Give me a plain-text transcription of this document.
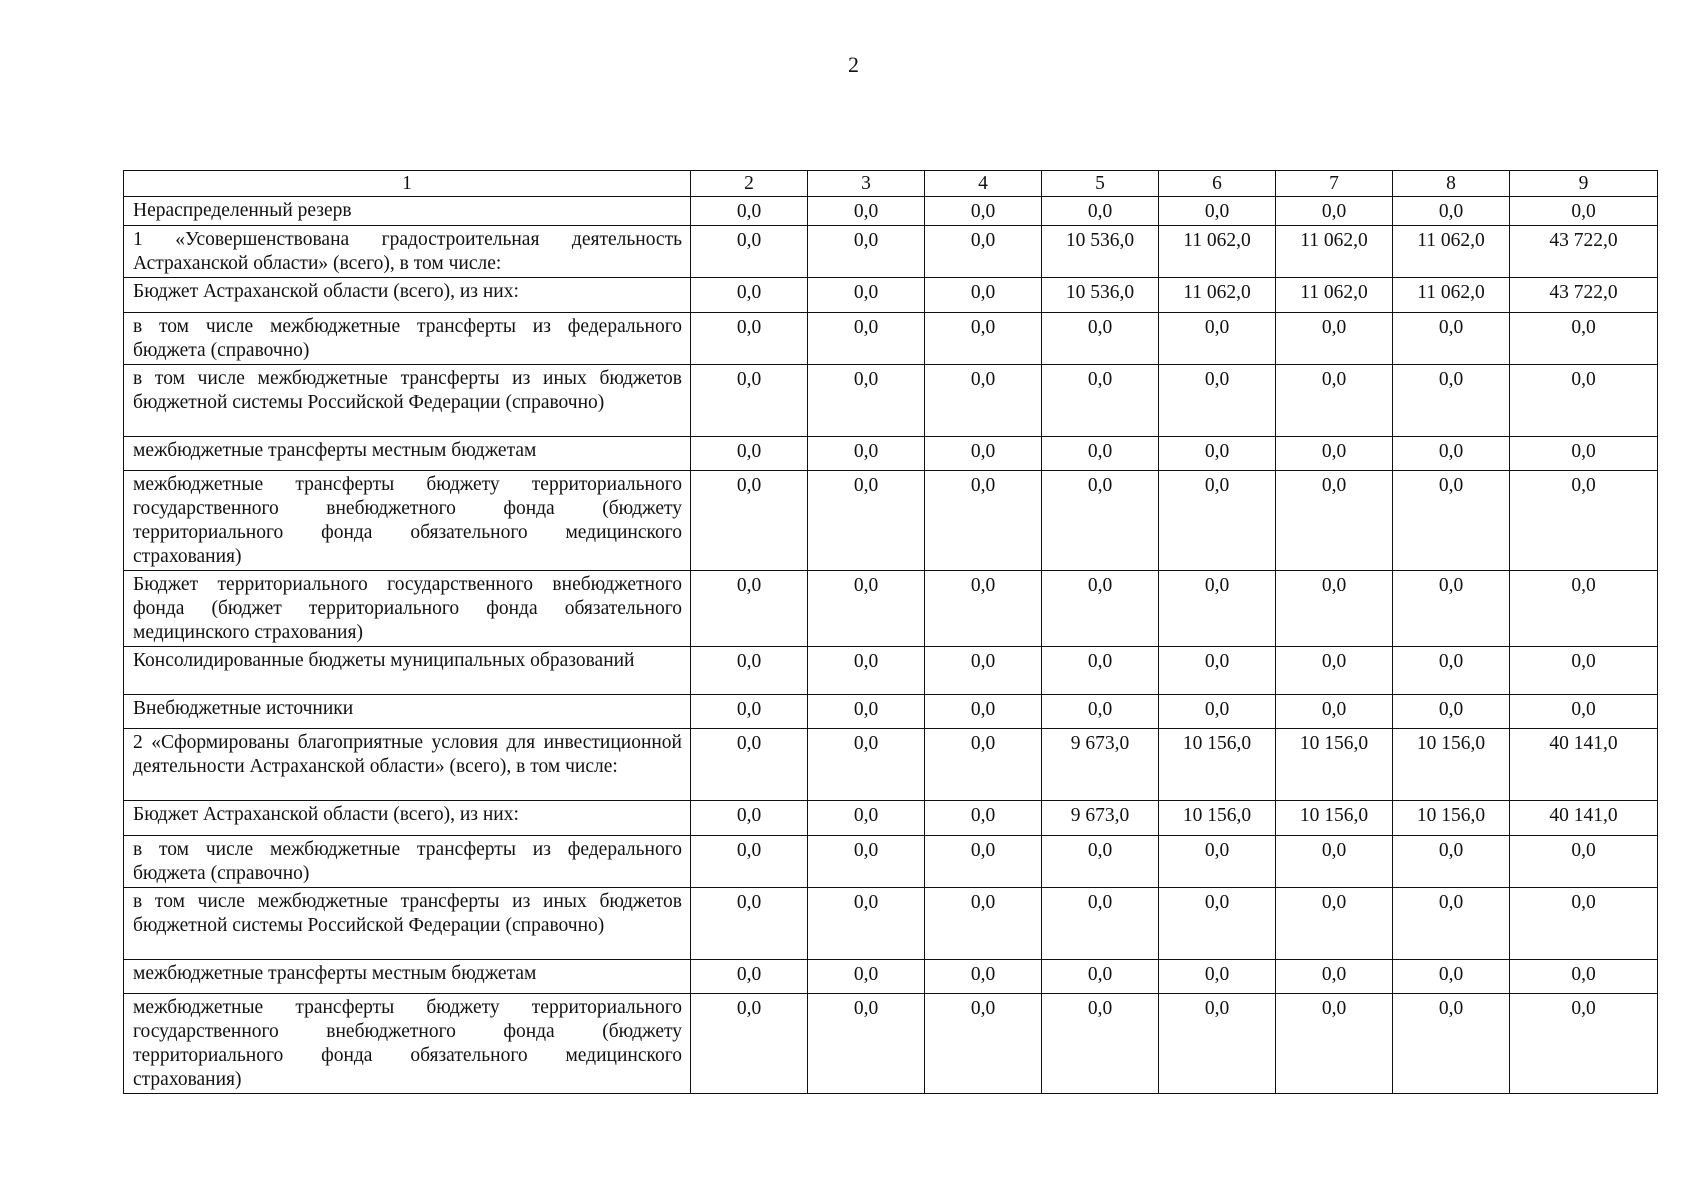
2
1	2	3	4	5	6	7	8	9
Нераспределенный резерв	0,0	0,0	0,0	0,0	0,0	0,0	0,0	0,0
1 «Усовершенствована градостроительная деятельность Астраханской области» (всего), в том числе:	0,0	0,0	0,0	10 536,0	11 062,0	11 062,0	11 062,0	43 722,0
Бюджет Астраханской области (всего), из них:	0,0	0,0	0,0	10 536,0	11 062,0	11 062,0	11 062,0	43 722,0
в том числе межбюджетные трансферты из федерального бюджета (справочно)	0,0	0,0	0,0	0,0	0,0	0,0	0,0	0,0
в том числе межбюджетные трансферты из иных бюджетов бюджетной системы Российской Федерации (справочно)	0,0	0,0	0,0	0,0	0,0	0,0	0,0	0,0
межбюджетные трансферты местным бюджетам	0,0	0,0	0,0	0,0	0,0	0,0	0,0	0,0
межбюджетные трансферты бюджету территориального государственного внебюджетного фонда (бюджету территориального фонда обязательного медицинского страхования)	0,0	0,0	0,0	0,0	0,0	0,0	0,0	0,0
Бюджет территориального государственного внебюджетного фонда (бюджет территориального фонда обязательного медицинского страхования)	0,0	0,0	0,0	0,0	0,0	0,0	0,0	0,0
Консолидированные бюджеты муниципальных образований	0,0	0,0	0,0	0,0	0,0	0,0	0,0	0,0
Внебюджетные источники	0,0	0,0	0,0	0,0	0,0	0,0	0,0	0,0
2 «Сформированы благоприятные условия для инвестиционной деятельности Астраханской области» (всего), в том числе:	0,0	0,0	0,0	9 673,0	10 156,0	10 156,0	10 156,0	40 141,0
Бюджет Астраханской области (всего), из них:	0,0	0,0	0,0	9 673,0	10 156,0	10 156,0	10 156,0	40 141,0
в том числе межбюджетные трансферты из федерального бюджета (справочно)	0,0	0,0	0,0	0,0	0,0	0,0	0,0	0,0
в том числе межбюджетные трансферты из иных бюджетов бюджетной системы Российской Федерации (справочно)	0,0	0,0	0,0	0,0	0,0	0,0	0,0	0,0
межбюджетные трансферты местным бюджетам	0,0	0,0	0,0	0,0	0,0	0,0	0,0	0,0
межбюджетные трансферты бюджету территориального государственного внебюджетного фонда (бюджету территориального фонда обязательного медицинского страхования)	0,0	0,0	0,0	0,0	0,0	0,0	0,0	0,0
